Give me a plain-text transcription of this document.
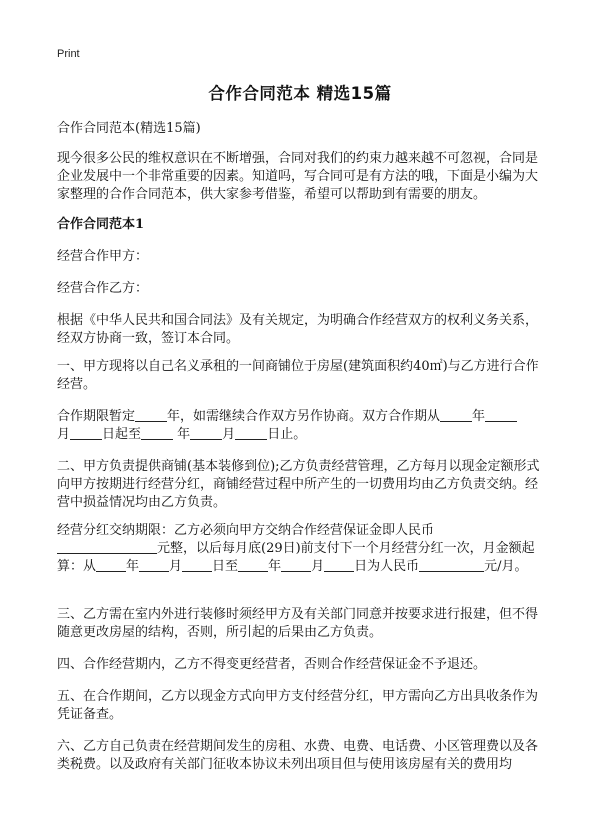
Print
合作合同范本 精选15篇

合作合同范本(精选15篇)

现今很多公民的维权意识在不断增强，合同对我们的约束力越来越不可忽视，合同是企业发展中一个非常重要的因素。知道吗，写合同可是有方法的哦，下面是小编为大家整理的合作合同范本，供大家参考借鉴，希望可以帮助到有需要的朋友。

合作合同范本1

经营合作甲方：

经营合作乙方：

根据《中华人民共和国合同法》及有关规定，为明确合作经营双方的权利义务关系，经双方协商一致，签订本合同。

一、甲方现将以自己名义承租的一间商铺位于房屋(建筑面积约40㎡)与乙方进行合作经营。

合作期限暂定 年，如需继续合作双方另作协商。双方合作期从 年
月 日起至 年 月 日止。

二、甲方负责提供商铺(基本装修到位);乙方负责经营管理，乙方每月以现金定额形式向甲方按期进行经营分红，商铺经营过程中所产生的一切费用均由乙方负责交纳。经营中损益情况均由乙方负责。

经营分红交纳期限：乙方必须向甲方交纳合作经营保证金即人民币
元整，以后每月底(29日)前支付下一个月经营分红一次，月金额起算：从 年 月 日至 年 月 日为人民币	元/月。

三、乙方需在室内外进行装修时须经甲方及有关部门同意并按要求进行报建，但不得随意更改房屋的结构，否则，所引起的后果由乙方负责。

四、合作经营期内，乙方不得变更经营者，否则合作经营保证金不予退还。

五、在合作期间，乙方以现金方式向甲方支付经营分红，甲方需向乙方出具收条作为凭证备查。

六、乙方自己负责在经营期间发生的房租、水费、电费、电话费、小区管理费以及各类税费。以及政府有关部门征收本协议未列出项目但与使用该房屋有关的费用均
